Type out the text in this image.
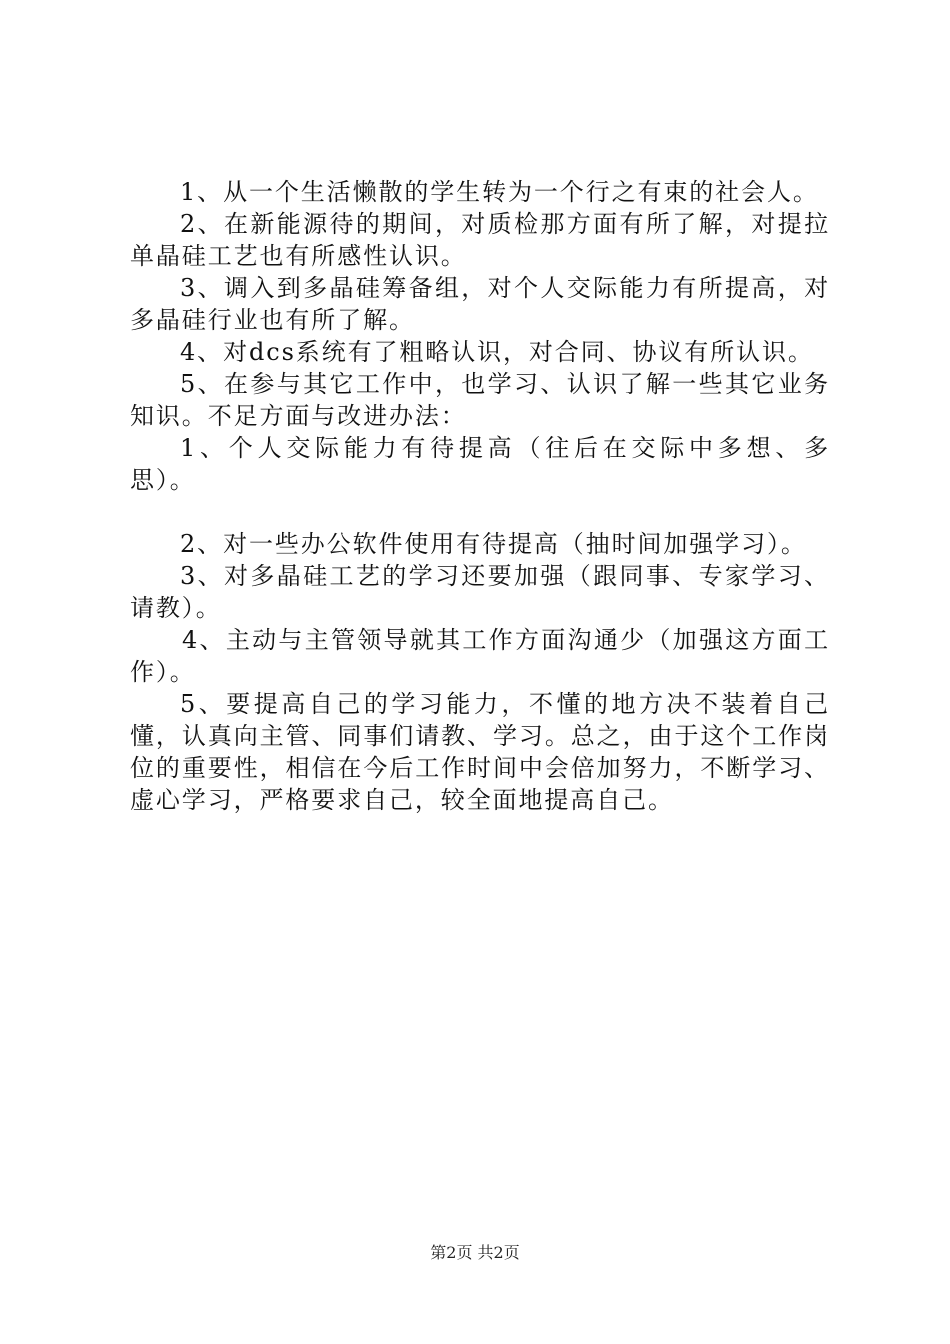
1、从一个生活懒散的学生转为一个行之有束的社会人。

2、在新能源待的期间，对质检那方面有所了解，对提拉单晶硅工艺也有所感性认识。

3、调入到多晶硅筹备组，对个人交际能力有所提高，对多晶硅行业也有所了解。

4、对dcs系统有了粗略认识，对合同、协议有所认识。

5、在参与其它工作中，也学习、认识了解一些其它业务知识。不足方面与改进办法：

1、个人交际能力有待提高（往后在交际中多想、多思）。

2、对一些办公软件使用有待提高（抽时间加强学习）。

3、对多晶硅工艺的学习还要加强（跟同事、专家学习、请教）。

4、主动与主管领导就其工作方面沟通少（加强这方面工作）。

5、要提高自己的学习能力，不懂的地方决不装着自己懂，认真向主管、同事们请教、学习。总之，由于这个工作岗位的重要性，相信在今后工作时间中会倍加努力，不断学习、虚心学习，严格要求自己，较全面地提高自己。

第2页 共2页
